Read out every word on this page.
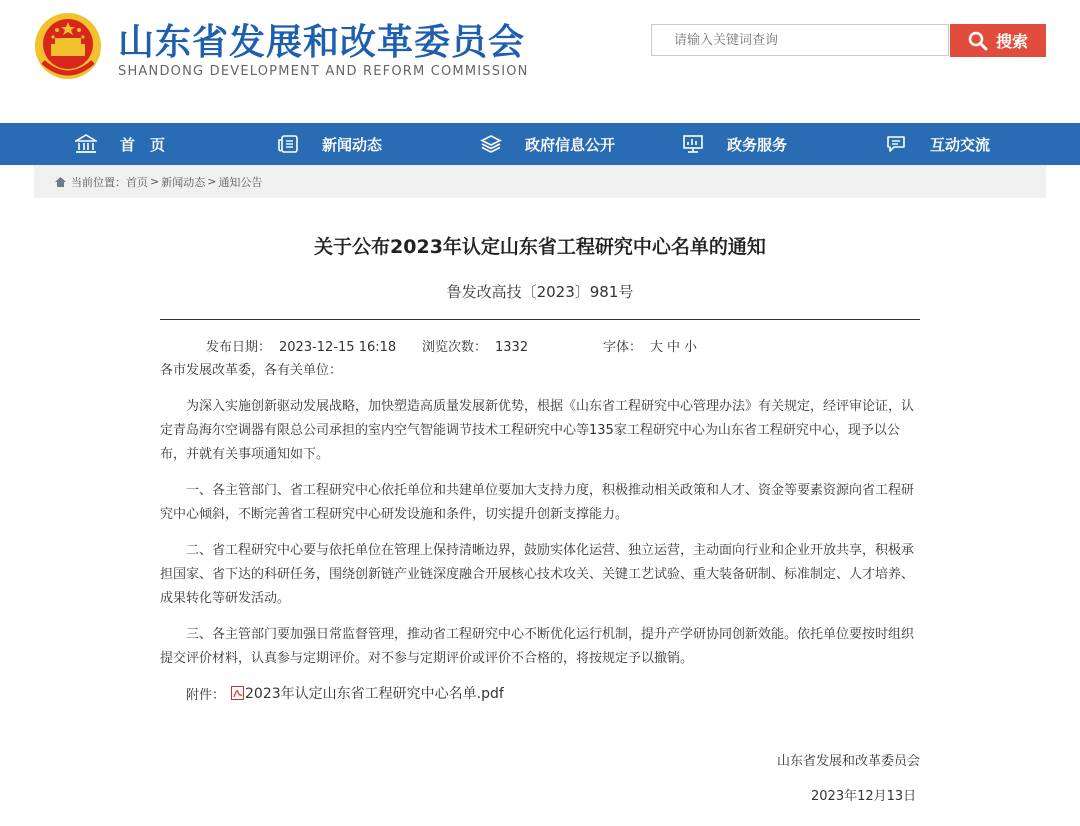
山东省发展和改革委员会
SHANDONG DEVELOPMENT AND REFORM COMMISSION
请输入关键词查询
搜索
首　页	新闻动态	政府信息公开	政务服务	互动交流
当前位置： 首页 > 新闻动态 > 通知公告
关于公布2023年认定山东省工程研究中心名单的通知
鲁发改高技〔2023〕981号
发布日期： 2023-12-15 16:18 浏览次数： 1332	字体： 大 中 小
各市发展改革委，各有关单位：

为深入实施创新驱动发展战略，加快塑造高质量发展新优势，根据《山东省工程研究中心管理办法》有关规定，经评审论证，认定青岛海尔空调器有限总公司承担的室内空气智能调节技术工程研究中心等135家工程研究中心为山东省工程研究中心，现予以公布，并就有关事项通知如下。

一、各主管部门、省工程研究中心依托单位和共建单位要加大支持力度，积极推动相关政策和人才、资金等要素资源向省工程研究中心倾斜，不断完善省工程研究中心研发设施和条件，切实提升创新支撑能力。

二、省工程研究中心要与依托单位在管理上保持清晰边界，鼓励实体化运营、独立运营，主动面向行业和企业开放共享，积极承担国家、省下达的科研任务，围绕创新链产业链深度融合开展核心技术攻关、关键工艺试验、重大装备研制、标准制定、人才培养、成果转化等研发活动。

三、各主管部门要加强日常监督管理，推动省工程研究中心不断优化运行机制，提升产学研协同创新效能。依托单位要按时组织提交评价材料，认真参与定期评价。对不参与定期评价或评价不合格的，将按规定予以撤销。

附件： 2023年认定山东省工程研究中心名单.pdf
山东省发展和改革委员会
2023年12月13日
